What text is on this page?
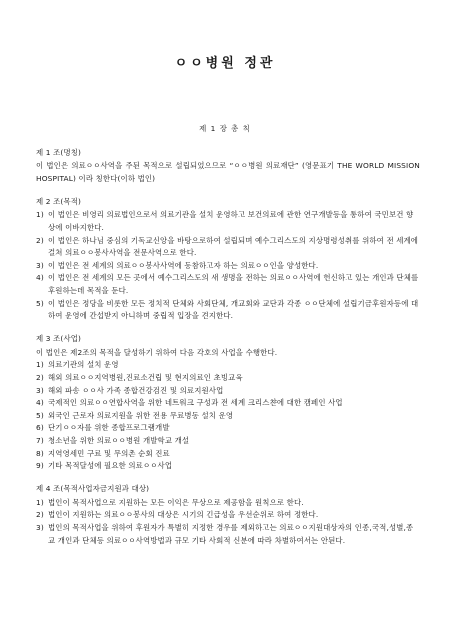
ㅇㅇ병원 정관
제 1 장 총 칙
제 1 조(명칭)
이 법인은 의료ㅇㅇ사역을 주된 목적으로 설립되었으므로 “ㅇㅇ병원 의료재단” (영문표기 THE WORLD MISSION HOSPITAL) 이라 칭한다(이하 법인)
제 2 조(목적)
1) 이 법인은 비영리 의료법인으로서 의료기관을 설치 운영하고 보건의료에 관한 연구개발등을 통하여 국민보건 향상에 이바지한다.
2) 이 법인은 하나님 중심의 기독교신앙을 바탕으로하여 설립되며 예수그리스도의 지상명령성취를 위하여 전 세계에 걸쳐 의료ㅇㅇ봉사사역을 전문사역으로 한다.
3) 이 법인은 전 세계의 의료ㅇㅇ봉사사역에 동참하고자 하는 의료ㅇㅇ인을 양성한다.
4) 이 법인은 전 세계의 모든 곳에서 예수그리스도의 새 생명을 전하는 의료ㅇㅇ사역에 헌신하고 있는 개인과 단체를 후원하는데 목적을 둔다.
5) 이 법인은 정당을 비롯한 모든 정치적 단체와 사회단체, 개교회와 교단과 각종 ㅇㅇ단체에 설립기금후원자등에 대하여 운영에 간섭받지 아니하며 중립적 입장을 견지한다.
제 3 조(사업)
이 법인은 제2조의 목적을 달성하기 위하여 다음 각호의 사업을 수행한다.
1) 의료기관의 설치 운영
2) 해외 의료ㅇㅇ지역병원,진료소건립 및 현지의료인 초빙교육
3) 해외 파송 ㅇㅇ사 가족 종합건강검진 및 의료지원사업
4) 국제적인 의료ㅇㅇ연합사역을 위한 네트워크 구성과 전 세계 크리스챤에 대한 캠페인 사업
5) 외국인 근로자 의료지원을 위한 전용 무료병동 설치 운영
6) 단기ㅇㅇ자를 위한 종합프로그램개발
7) 청소년을 위한 의료ㅇㅇ병원 개발학교 개설
8) 지역영세민 구료 및 무의촌 순회 진료
9) 기타 목적달성에 필요한 의료ㅇㅇ사업
제 4 조(목적사업자금지원과 대상)
1) 법인이 목적사업으로 지원하는 모든 이익은 무상으로 제공함을 원칙으로 한다.
2) 법인이 지원하는 의료ㅇㅇ봉사의 대상은 시기의 긴급성을 우선순위로 하여 정한다.
3) 법인의 목적사업을 위하여 후원자가 특별히 지정한 경우를 제외하고는 의료ㅇㅇ지원대상자의 인종,국적,성별,종교 개인과 단체등 의료ㅇㅇ사역방법과 규모 기타 사회적 신분에 따라 차별하여서는 안된다.
